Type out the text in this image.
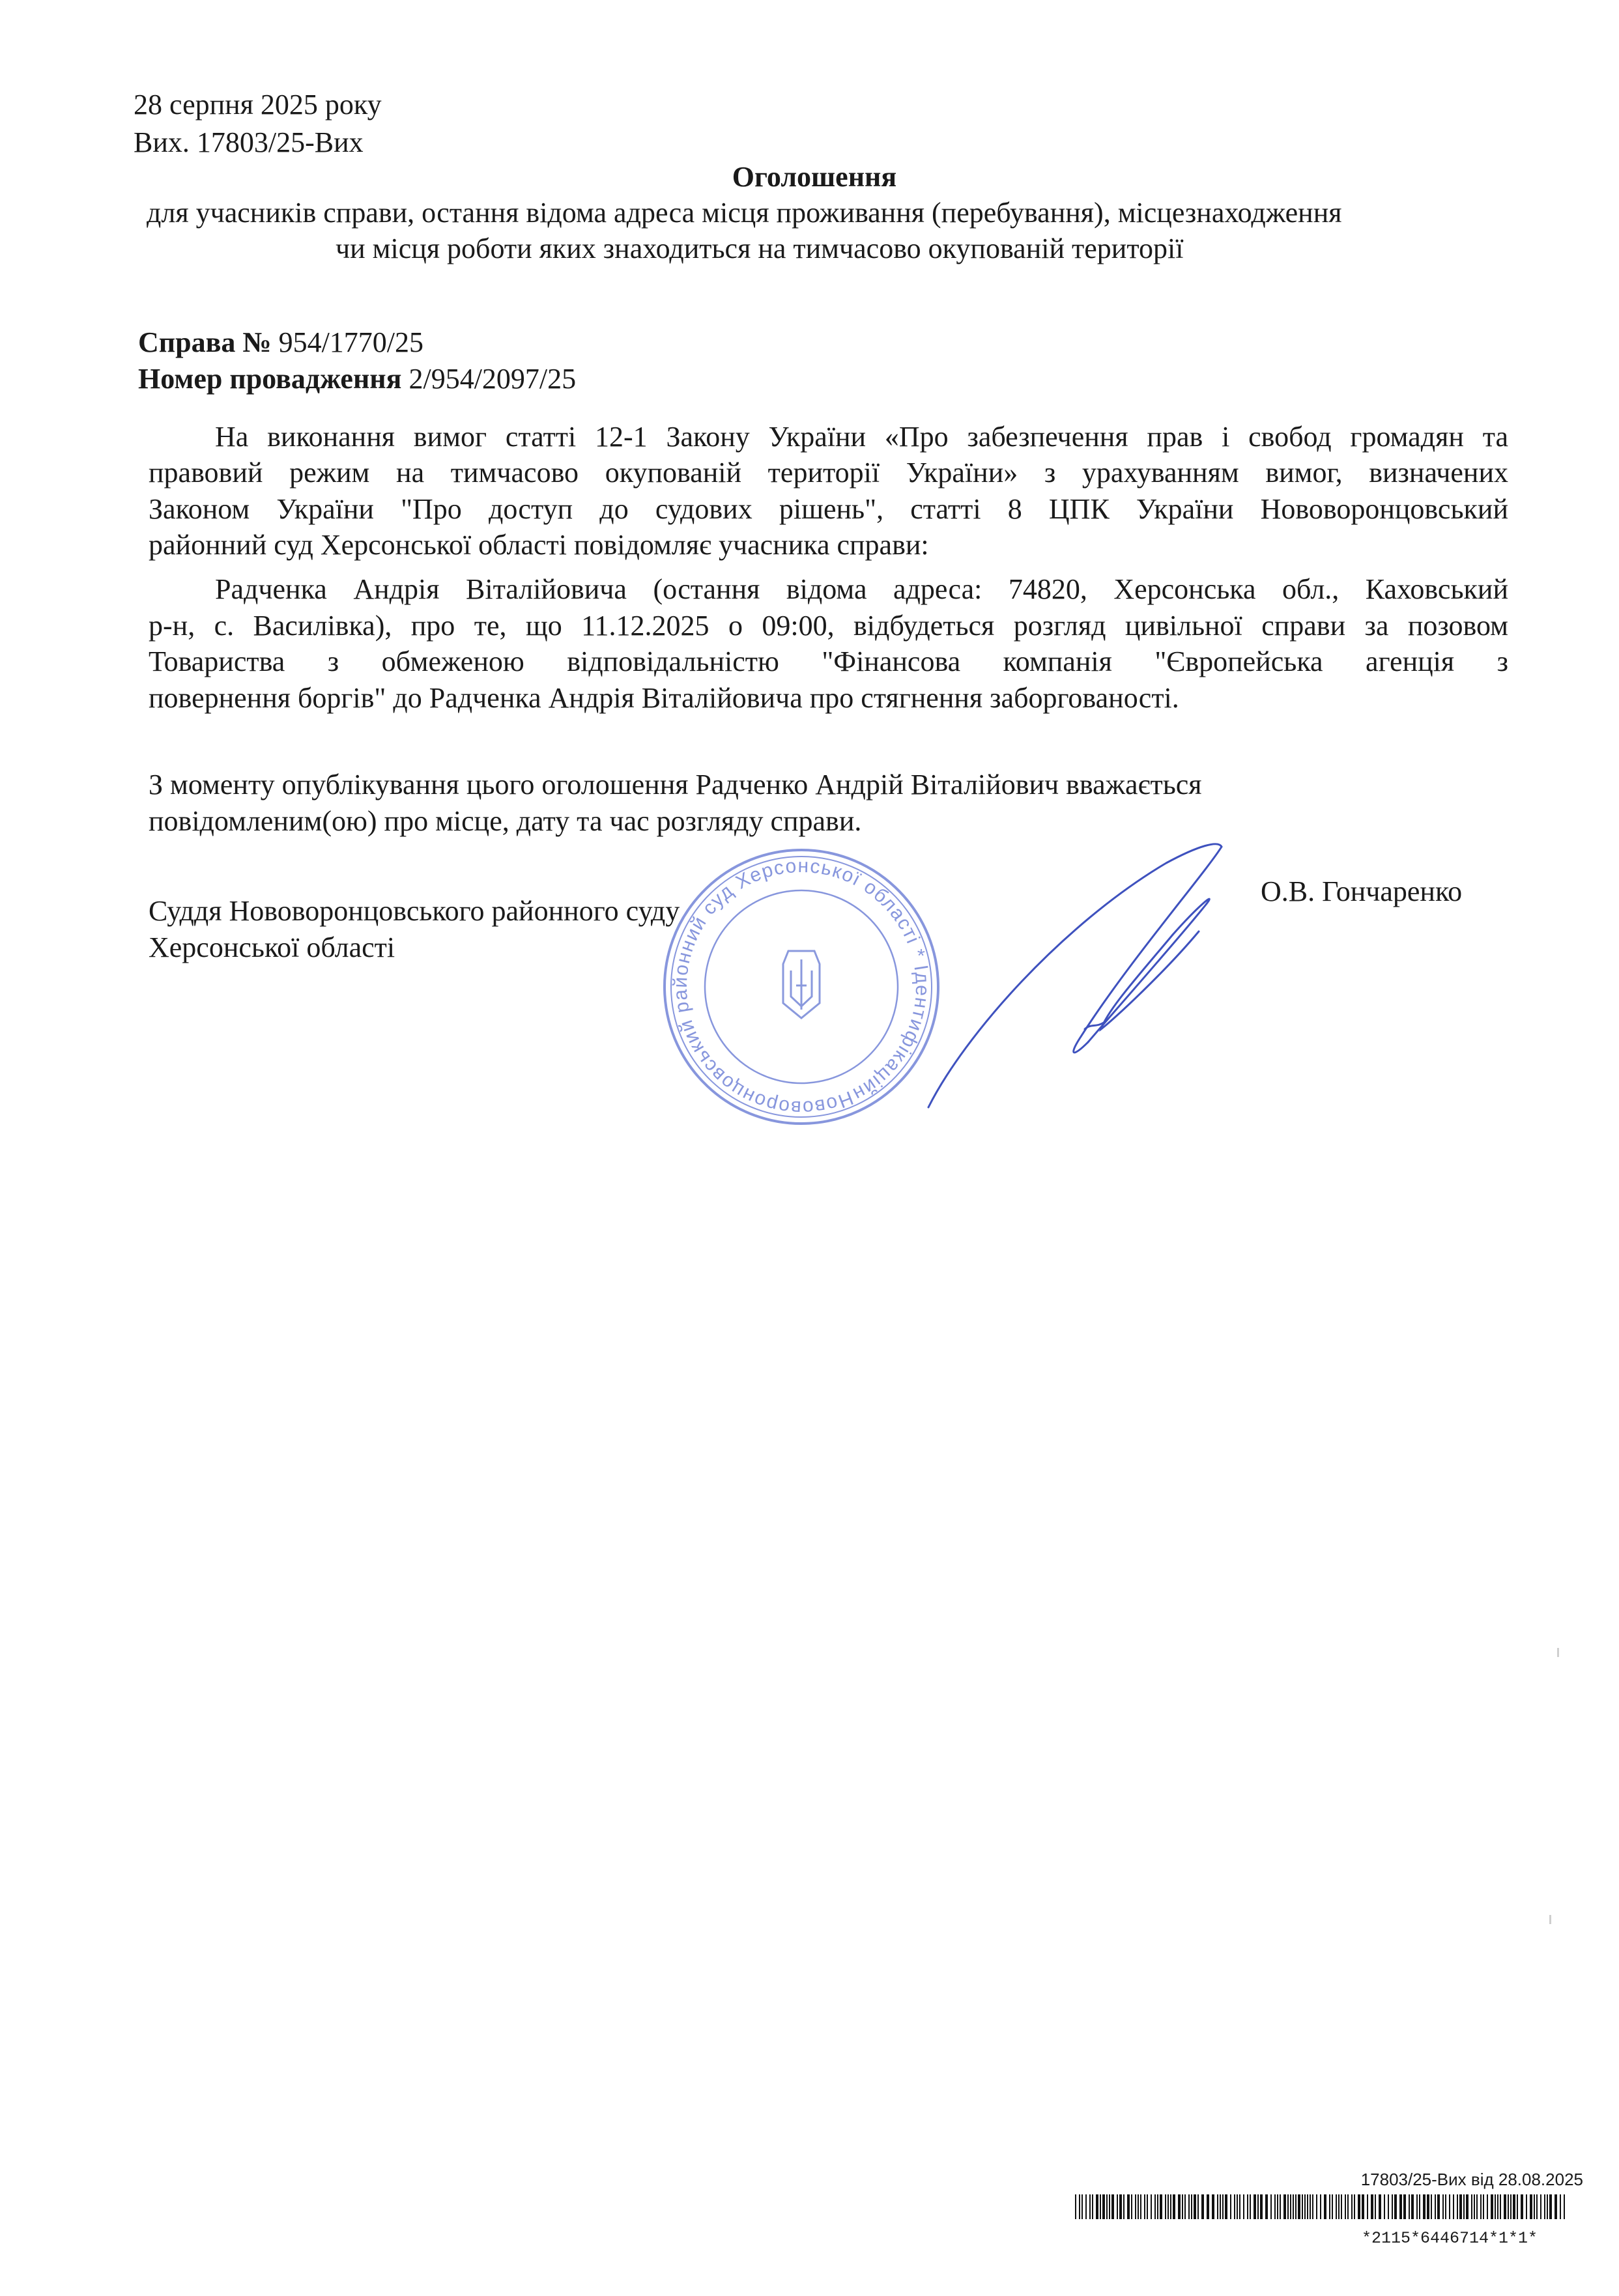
28 серпня 2025 року
Вих. 17803/25-Вих
Оголошення
для учасників справи, остання відома адреса місця проживання (перебування), місцезнаходження
чи місця роботи яких знаходиться на тимчасово окупованій території
Справа № 954/1770/25
Номер провадження 2/954/2097/25
На виконання вимог статті 12-1 Закону України «Про забезпечення прав і свобод громадян та
правовий режим на тимчасово окупованій території України» з урахуванням вимог, визначених
Законом України "Про доступ до судових рішень", статті 8 ЦПК України Нововоронцовський
районний суд Херсонської області повідомляє учасника справи:
Радченка Андрія Віталійовича (остання відома адреса: 74820, Херсонська обл., Каховський
р-н, с. Василівка), про те, що 11.12.2025 о 09:00, відбудеться розгляд цивільної справи за позовом
Товариства з обмеженою відповідальністю "Фінансова компанія "Європейська агенція з
повернення боргів" до Радченка Андрія Віталійовича про стягнення заборгованості.
З моменту опублікування цього оголошення Радченко Андрій Віталійович вважається
повідомленим(ою) про місце, дату та час розгляду справи.
Суддя Нововоронцовського районного суду
Херсонської області
О.В. Гончаренко
Нововоронцовський районний суд Херсонської області * Ідентифікаційний
17803/25-Вих від 28.08.2025
*2115*6446714*1*1*
